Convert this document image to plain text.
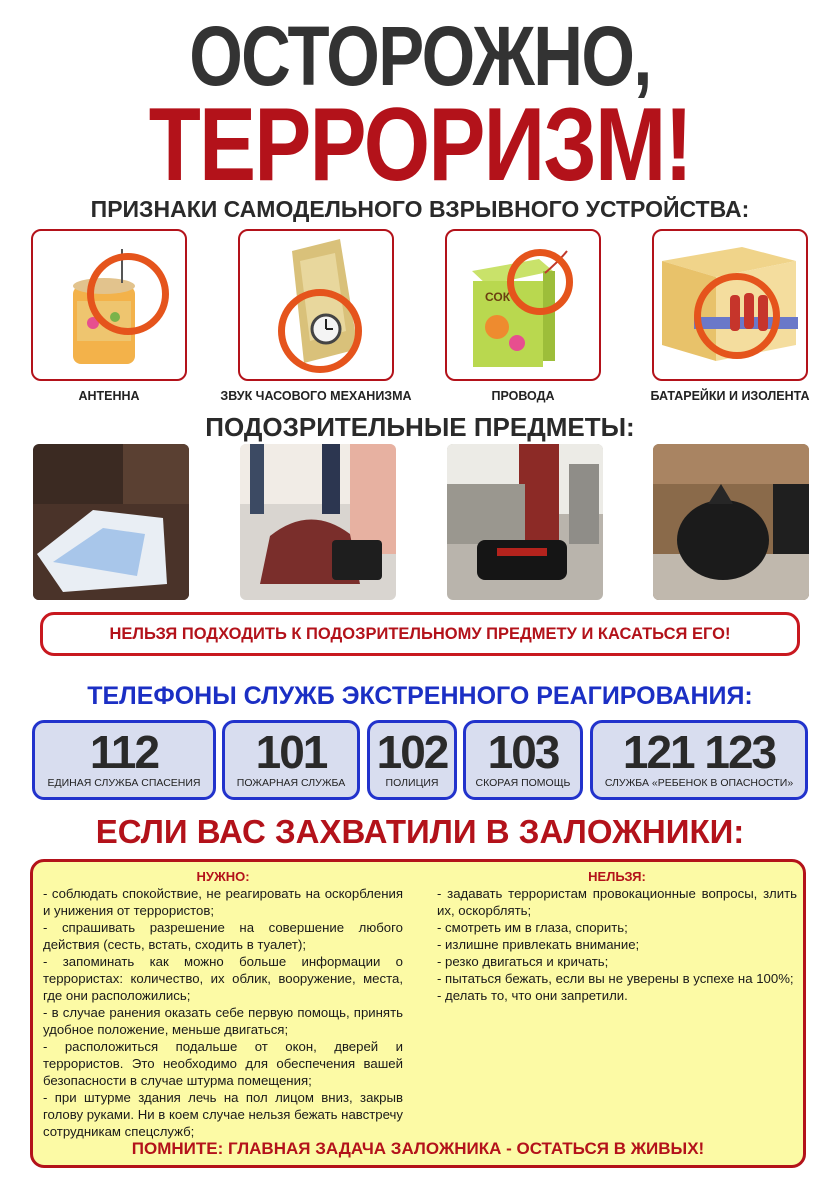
ОСТОРОЖНО,
ТЕРРОРИЗМ!
ПРИЗНАКИ САМОДЕЛЬНОГО ВЗРЫВНОГО УСТРОЙСТВА:
АНТЕННА	ЗВУК ЧАСОВОГО МЕХАНИЗМА
СОК
ПРОВОДА	БАТАРЕЙКИ И ИЗОЛЕНТА
ПОДОЗРИТЕЛЬНЫЕ ПРЕДМЕТЫ:
НЕЛЬЗЯ ПОДХОДИТЬ К ПОДОЗРИТЕЛЬНОМУ ПРЕДМЕТУ И КАСАТЬСЯ ЕГО!
ТЕЛЕФОНЫ СЛУЖБ ЭКСТРЕННОГО РЕАГИРОВАНИЯ:
112
ЕДИНАЯ СЛУЖБА СПАСЕНИЯ
101
ПОЖАРНАЯ СЛУЖБА
102
ПОЛИЦИЯ
103
СКОРАЯ ПОМОЩЬ
121 123
СЛУЖБА «РЕБЕНОК В ОПАСНОСТИ»
ЕСЛИ ВАС ЗАХВАТИЛИ В ЗАЛОЖНИКИ:
НУЖНО:

- соблюдать спокойствие, не реагировать на оскорбления и унижения от террористов;

- спрашивать разрешение на совершение любого действия (сесть, встать, сходить в туалет);

- запоминать как можно больше информации о террористах: количество, их облик, вооружение, места, где они расположились;

- в случае ранения оказать себе первую помощь, принять удобное положение, меньше двигаться;

- расположиться подальше от окон, дверей и террористов. Это необходимо для обеспечения вашей безопасности в случае штурма помещения;

- при штурме здания лечь на пол лицом вниз, закрыв голову руками. Ни в коем случае нельзя бежать навстречу сотрудникам спецслужб;

НЕЛЬЗЯ:

- задавать террористам провокационные вопросы, злить их, оскорблять;

- смотреть им в глаза, спорить;

- излишне привлекать внимание;

- резко двигаться и кричать;

- пытаться бежать, если вы не уверены в успехе на 100%;

- делать то, что они запретили.

ПОМНИТЕ: ГЛАВНАЯ ЗАДАЧА ЗАЛОЖНИКА - ОСТАТЬСЯ В ЖИВЫХ!
